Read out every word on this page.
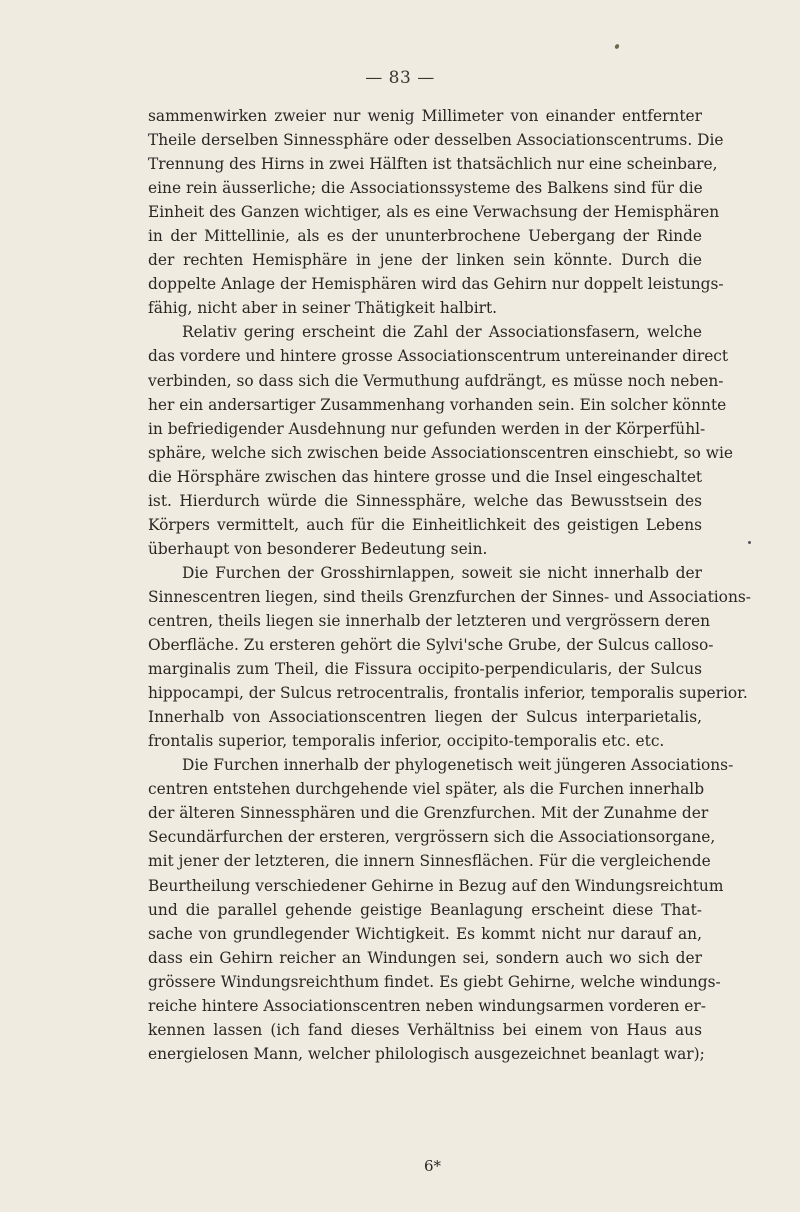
— 83 —
sammenwirken zweier nur wenig Millimeter von einander entfernter
Theile derselben Sinnessphäre oder desselben Associationscentrums. Die
Trennung des Hirns in zwei Hälften ist thatsächlich nur eine scheinbare,
eine rein äusserliche; die Associationssysteme des Balkens sind für die
Einheit des Ganzen wichtiger, als es eine Verwachsung der Hemisphären
in der Mittellinie, als es der ununterbrochene Uebergang der Rinde
der rechten Hemisphäre in jene der linken sein könnte. Durch die
doppelte Anlage der Hemisphären wird das Gehirn nur doppelt leistungs-
fähig, nicht aber in seiner Thätigkeit halbirt.
Relativ gering erscheint die Zahl der Associationsfasern, welche
das vordere und hintere grosse Associationscentrum untereinander direct
verbinden, so dass sich die Vermuthung aufdrängt, es müsse noch neben-
her ein andersartiger Zusammenhang vorhanden sein. Ein solcher könnte
in befriedigender Ausdehnung nur gefunden werden in der Körperfühl-
sphäre, welche sich zwischen beide Associationscentren einschiebt, so wie
die Hörsphäre zwischen das hintere grosse und die Insel eingeschaltet
ist. Hierdurch würde die Sinnessphäre, welche das Bewusstsein des
Körpers vermittelt, auch für die Einheitlichkeit des geistigen Lebens
überhaupt von besonderer Bedeutung sein.
Die Furchen der Grosshirnlappen, soweit sie nicht innerhalb der
Sinnescentren liegen, sind theils Grenzfurchen der Sinnes- und Associations-
centren, theils liegen sie innerhalb der letzteren und vergrössern deren
Oberfläche. Zu ersteren gehört die Sylvi'sche Grube, der Sulcus calloso-
marginalis zum Theil, die Fissura occipito-perpendicularis, der Sulcus
hippocampi, der Sulcus retrocentralis, frontalis inferior, temporalis superior.
Innerhalb von Associationscentren liegen der Sulcus interparietalis,
frontalis superior, temporalis inferior, occipito-temporalis etc. etc.
Die Furchen innerhalb der phylogenetisch weit jüngeren Associations-
centren entstehen durchgehende viel später, als die Furchen innerhalb
der älteren Sinnessphären und die Grenzfurchen. Mit der Zunahme der
Secundärfurchen der ersteren, vergrössern sich die Associationsorgane,
mit jener der letzteren, die innern Sinnesflächen. Für die vergleichende
Beurtheilung verschiedener Gehirne in Bezug auf den Windungsreichtum
und die parallel gehende geistige Beanlagung erscheint diese That-
sache von grundlegender Wichtigkeit. Es kommt nicht nur darauf an,
dass ein Gehirn reicher an Windungen sei, sondern auch wo sich der
grössere Windungsreichthum findet. Es giebt Gehirne, welche windungs-
reiche hintere Associationscentren neben windungsarmen vorderen er-
kennen lassen (ich fand dieses Verhältniss bei einem von Haus aus
energielosen Mann, welcher philologisch ausgezeichnet beanlagt war);
6*
